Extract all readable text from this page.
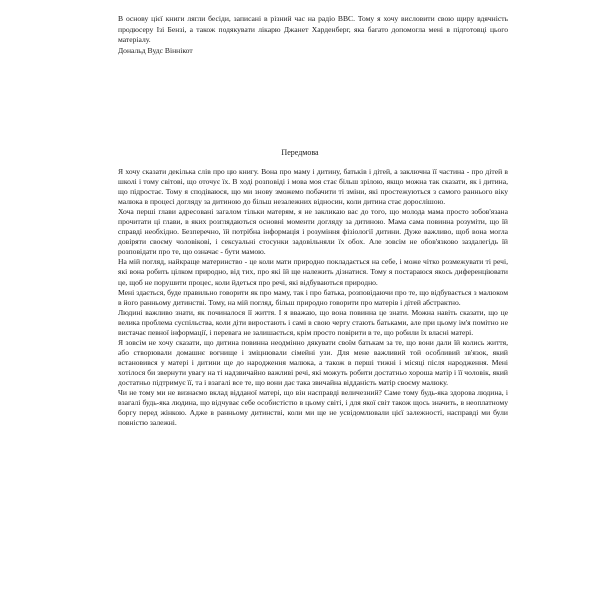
В основу цієї книги лягли бесіди, записані в різний час на радіо BBC. Тому я хочу висловити свою щиру вдячність продюсеру Ізі Бензі, а також подякувати лікарю Джанет Харденберг, яка багато допомогла мені в підготовці цього матеріалу.
Дональд Вудс Віннікот
Передмова

Я хочу сказати декілька слів про цю книгу. Вона про маму і дитину, батьків і дітей, а заключна її частина - про дітей в школі і тому світові, що оточує їх. В ході розповіді і мова моя стає більш зрілою, якщо можна так сказати, як і дитина, що підростає. Тому я сподіваюся, що ми знову зможемо побачити ті зміни, які простежуються з самого раннього віку малюка в процесі догляду за дитиною до більш незалежних відносин, коли дитина стає дорослішою.

Хоча перші глави адресовані загалом тільки матерям, я не закликаю вас до того, що молода мама просто зобов'язана прочитати ці глави, в яких розглядаються основні моменти догляду за дитиною. Мама сама повинна розуміти, що їй справді необхідно. Безперечно, їй потрібна інформація і розуміння фізіології дитини. Дуже важливо, щоб вона могла довіряти своєму чоловікові, і сексуальні стосунки задовільняли їх обох. Але зовсім не обов'язково заздалегідь їй розповідати про те, що означає - бути мамою.

На мій погляд, найкраще материнство - це коли мати природно покладається на себе, і може чітко розмежувати ті речі, які вона робить цілком природно, від тих, про які їй ще належить дізнатися. Тому я постараюся якось диференціювати це, щоб не порушити процес, коли йдеться про речі, які відбуваються природно.

Мені здається, буде правильно говорити як про маму, так і про батька, розповідаючи про те, що відбувається з малюком в його ранньому дитинстві. Тому, на мій погляд, більш природно говорити про матерів і дітей абстрактно.

Людині важливо знати, як починалося її життя. І я вважаю, що вона повинна це знати. Можна навіть сказати, що це велика проблема суспільства, коли діти виростають і самі в свою чергу стають батьками, але при цьому ім'я помітно не вистачає певної інформації, і перевага не залишається, крім просто повірити в те, що робили їх власні матері.

Я зовсім не хочу сказати, що дитина повинна неодмінно дякувати своїм батькам за те, що вони дали їй колись життя, або створювали домашнє вогнище і зміцнювали сімейні узи. Для мене важливий той особливий зв'язок, який встановився у матері і дитини ще до народження малюка, а також в перші тижні і місяці після народження. Мені хотілося би звернути увагу на ті надзвичайно важливі речі, які можуть робити достатньо хороша матір і її чоловік, який достатньо підтримує її, та і взагалі все те, що вони дає така звичайна відданість матір своєму малюку.

Чи не тому ми не визнаємо вклад відданої матері, що він насправді величезний? Саме тому будь-яка здорова людина, і взагалі будь-яка людина, що відчуває себе особистістю в цьому світі, і для якої світ також щось значить, в неоплатному боргу перед жінкою. Адже в ранньому дитинстві, коли ми ще не усвідомлювали цієї залежності, насправді ми були повністю залежні.
